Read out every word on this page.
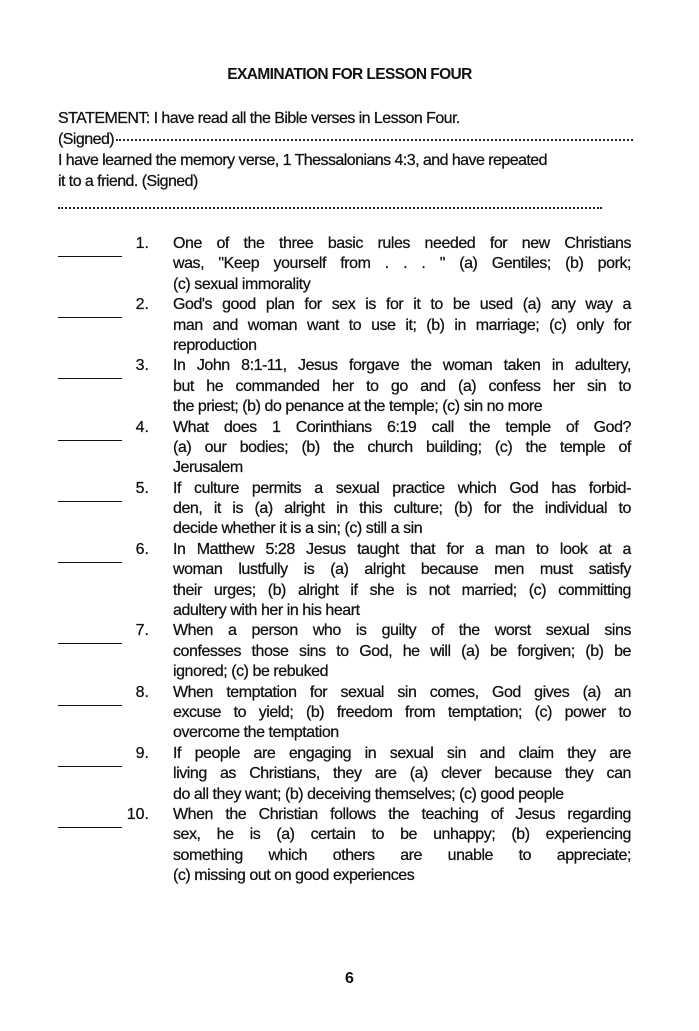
EXAMINATION FOR LESSON FOUR
STATEMENT: I have read all the Bible verses in Lesson Four.
(Signed)
I have learned the memory verse, 1 Thessalonians 4:3, and have repeated
it to a friend. (Signed)
1. One of the three basic rules needed for new Christians
was, "Keep yourself from . . . " (a) Gentiles; (b) pork;
(c) sexual immorality
2. God's good plan for sex is for it to be used (a) any way a
man and woman want to use it; (b) in marriage; (c) only for
reproduction
3. In John 8:1-11, Jesus forgave the woman taken in adultery,
but he commanded her to go and (a) confess her sin to
the priest; (b) do penance at the temple; (c) sin no more
4. What does 1 Corinthians 6:19 call the temple of God?
(a) our bodies; (b) the church building; (c) the temple of
Jerusalem
5. If culture permits a sexual practice which God has forbid-
den, it is (a) alright in this culture; (b) for the individual to
decide whether it is a sin; (c) still a sin
6. In Matthew 5:28 Jesus taught that for a man to look at a
woman lustfully is (a) alright because men must satisfy
their urges; (b) alright if she is not married; (c) committing
adultery with her in his heart
7. When a person who is guilty of the worst sexual sins
confesses those sins to God, he will (a) be forgiven; (b) be
ignored; (c) be rebuked
8. When temptation for sexual sin comes, God gives (a) an
excuse to yield; (b) freedom from temptation; (c) power to
overcome the temptation
9. If people are engaging in sexual sin and claim they are
living as Christians, they are (a) clever because they can
do all they want; (b) deceiving themselves; (c) good people
10. When the Christian follows the teaching of Jesus regarding
sex, he is (a) certain to be unhappy; (b) experiencing
something which others are unable to appreciate;
(c) missing out on good experiences
6
